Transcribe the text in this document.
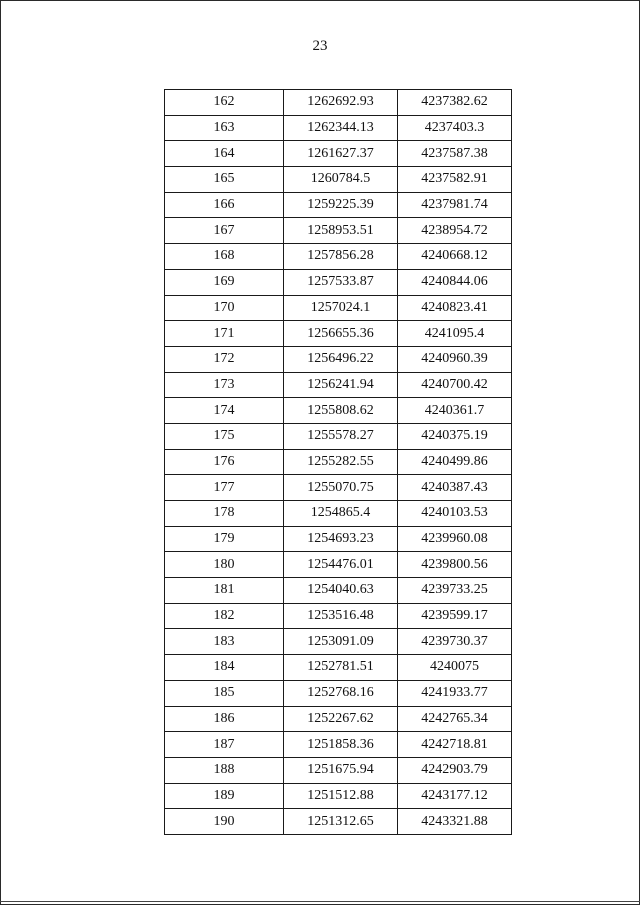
23
162	1262692.93	4237382.62
163	1262344.13	4237403.3
164	1261627.37	4237587.38
165	1260784.5	4237582.91
166	1259225.39	4237981.74
167	1258953.51	4238954.72
168	1257856.28	4240668.12
169	1257533.87	4240844.06
170	1257024.1	4240823.41
171	1256655.36	4241095.4
172	1256496.22	4240960.39
173	1256241.94	4240700.42
174	1255808.62	4240361.7
175	1255578.27	4240375.19
176	1255282.55	4240499.86
177	1255070.75	4240387.43
178	1254865.4	4240103.53
179	1254693.23	4239960.08
180	1254476.01	4239800.56
181	1254040.63	4239733.25
182	1253516.48	4239599.17
183	1253091.09	4239730.37
184	1252781.51	4240075
185	1252768.16	4241933.77
186	1252267.62	4242765.34
187	1251858.36	4242718.81
188	1251675.94	4242903.79
189	1251512.88	4243177.12
190	1251312.65	4243321.88
